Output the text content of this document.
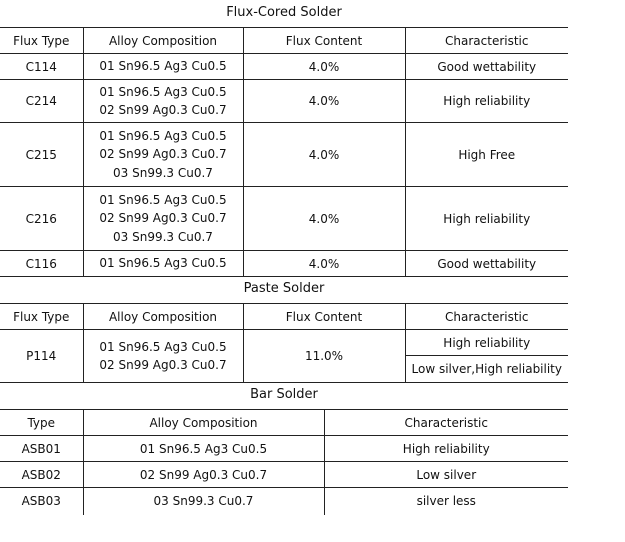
Flux-Cored Solder
Flux Type	Alloy Composition	Flux Content	Characteristic
C114	01 Sn96.5 Ag3 Cu0.5	4.0%	Good wettability
C214	01 Sn96.5 Ag3 Cu0.5
02 Sn99 Ag0.3 Cu0.7	4.0%	High reliability
C215	01 Sn96.5 Ag3 Cu0.5
02 Sn99 Ag0.3 Cu0.7
03 Sn99.3 Cu0.7	4.0%	High Free
C216	01 Sn96.5 Ag3 Cu0.5
02 Sn99 Ag0.3 Cu0.7
03 Sn99.3 Cu0.7	4.0%	High reliability
C116	01 Sn96.5 Ag3 Cu0.5	4.0%	Good wettability
Paste Solder
Flux Type	Alloy Composition	Flux Content	Characteristic
P114	01 Sn96.5 Ag3 Cu0.5
02 Sn99 Ag0.3 Cu0.7	11.0%	High reliability
			Low silver,High reliability
Bar Solder
Type	Alloy Composition	Characteristic
ASB01	01 Sn96.5 Ag3 Cu0.5	High reliability
ASB02	02 Sn99 Ag0.3 Cu0.7	Low silver
ASB03	03 Sn99.3 Cu0.7	silver less
